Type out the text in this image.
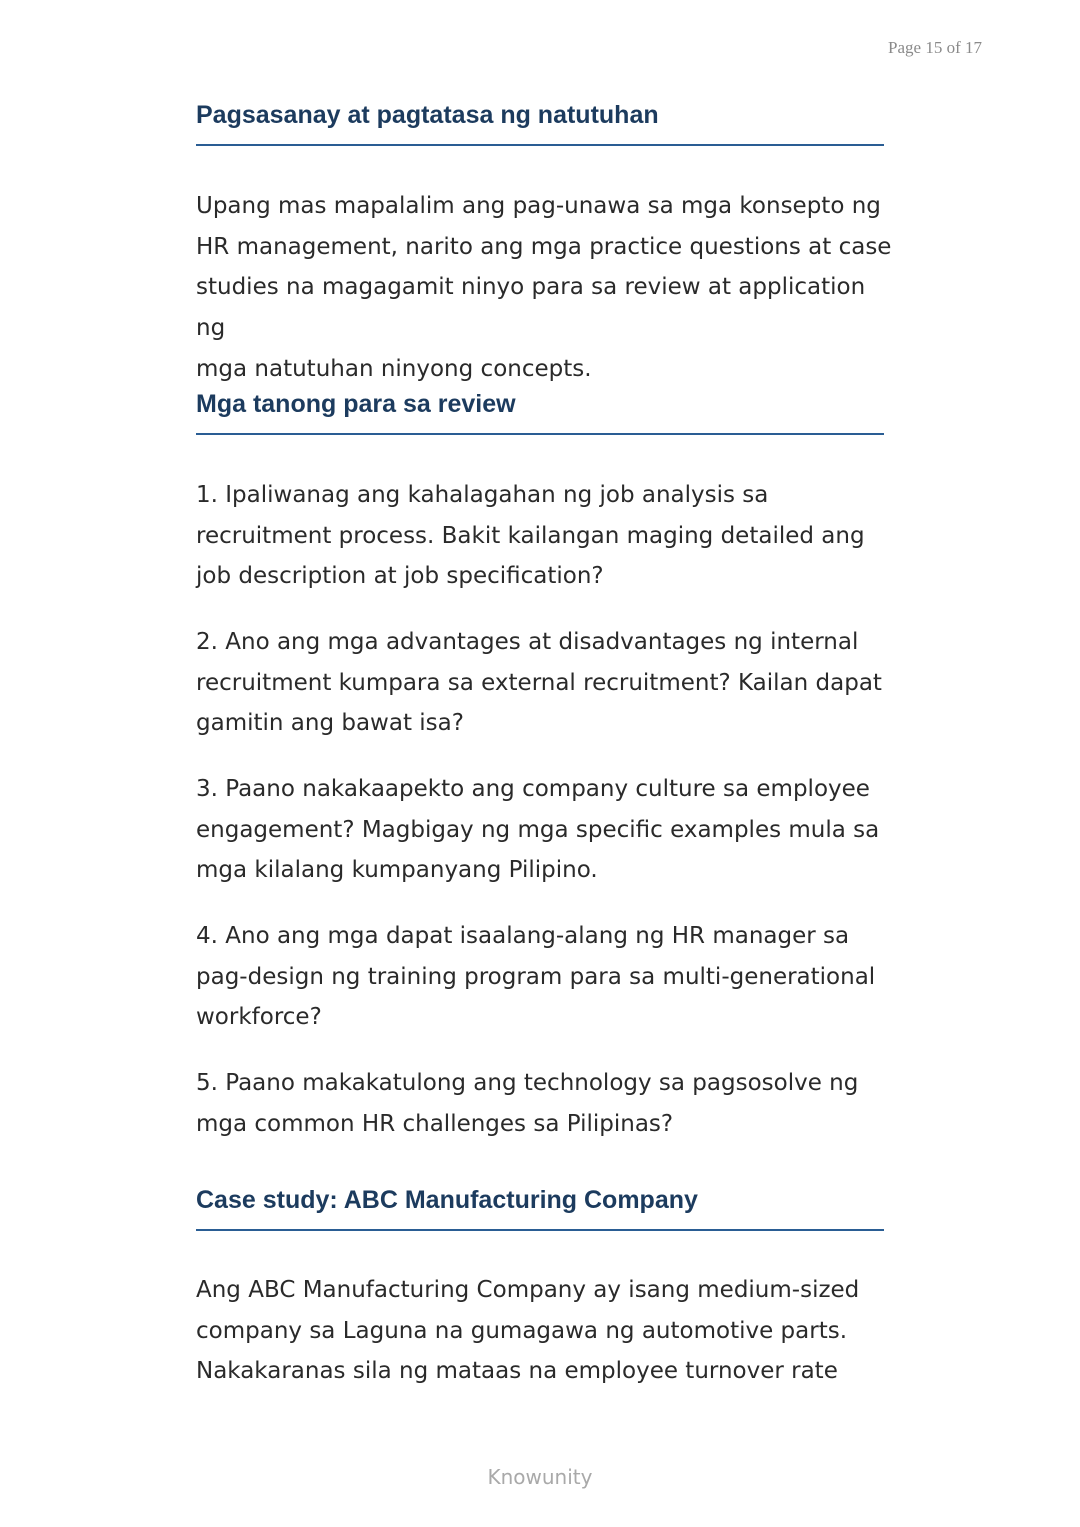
Page 15 of 17
Pagsasanay at pagtatasa ng natutuhan

Upang mas mapalalim ang pag-unawa sa mga konsepto ng
HR management, narito ang mga practice questions at case
studies na magagamit ninyo para sa review at application ng
mga natutuhan ninyong concepts.

Mga tanong para sa review

1. Ipaliwanag ang kahalagahan ng job analysis sa
recruitment process. Bakit kailangan maging detailed ang
job description at job specification?

2. Ano ang mga advantages at disadvantages ng internal
recruitment kumpara sa external recruitment? Kailan dapat
gamitin ang bawat isa?

3. Paano nakakaapekto ang company culture sa employee
engagement? Magbigay ng mga specific examples mula sa
mga kilalang kumpanyang Pilipino.

4. Ano ang mga dapat isaalang-alang ng HR manager sa
pag-design ng training program para sa multi-generational
workforce?

5. Paano makakatulong ang technology sa pagsosolve ng
mga common HR challenges sa Pilipinas?

Case study: ABC Manufacturing Company

Ang ABC Manufacturing Company ay isang medium-sized
company sa Laguna na gumagawa ng automotive parts.
Nakakaranas sila ng mataas na employee turnover rate

Knowunity
